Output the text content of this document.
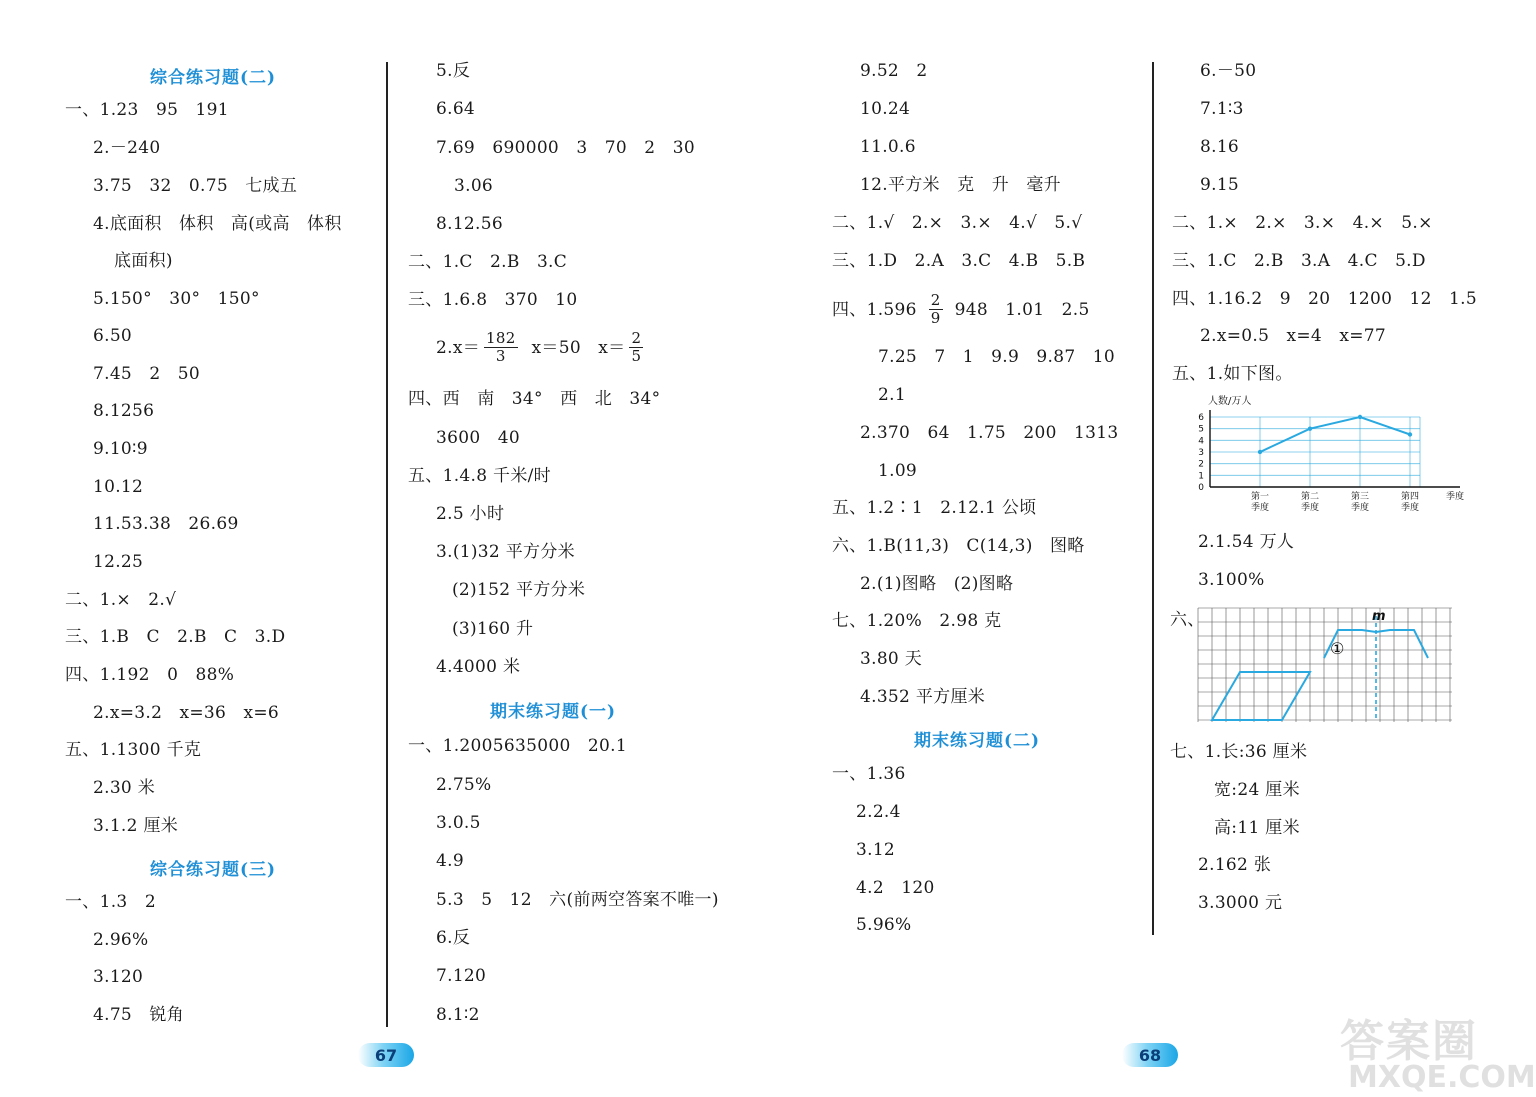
综合练习题(二)
一、1.23　95　191
2.－240
3.75　32　0.75　七成五
4.底面积　体积　高(或高　体积
底面积)
5.150°　30°　150°
6.50
7.45　2　50
8.1256
9.10∶9
10.12
11.53.38　26.69
12.25
二、1.×　2.√
三、1.B　C　2.B　C　3.D
四、1.192　0　88%
2.x=3.2　x=36　x=6
五、1.1300 千克
2.30 米
3.1.2 厘米
综合练习题(三)
一、1.3　2
2.96%
3.120
4.75　锐角
5.反
6.64
7.69　690000　3　70　2　30
3.06
8.12.56
二、1.C　2.B　3.C
三、1.6.8　370　10
$2.x= \frac{182}{3} x=50$　$x= \frac{2}{5}$
四、西　南　34°　西　北　34°
3600　40
五、1.4.8 千米/时
2.5 小时
3.(1)32 平方分米
(2)152 平方分米
(3)160 升
4.4000 米
期末练习题(一)
一、1.2005635000　20.1
2.75%
3.0.5
4.9
5.3　5　12　六(前两空答案不唯一)
6.反
7.120
8.1∶2
9.52　2
10.24
11.0.6
12.平方米　克　升　毫升
二、1.√　2.×　3.×　4.√　5.√
三、1.D　2.A　3.C　4.B　5.B
四、$1.596 \frac{2}{9} 948$　1.01　2.5
7.25　7　1　9.9　9.87　10
2.1
2.370　64　1.75　200　1313
1.09
五、1.2∶1　2.12.1 公顷
六、1.B(11,3)　C(14,3)　图略
2.(1)图略　(2)图略
七、1.20%　2.98 克
3.80 天
4.352 平方厘米
期末练习题(二)
一、1.36
2.2.4
3.12
4.2　120
5.96%
6.－50
7.1∶3
8.16
9.15
二、1.×　2.×　3.×　4.×　5.×
三、1.C　2.B　3.A　4.C　5.D
四、1.16.2　9　20　1200　12　1.5
2.x=0.5　x=4　x=77
五、1.如下图。
0
1
2
3
4
5
6
人数/万人
第一
季度
第二
季度
第三
季度
第四
季度
季度
2.1.54 万人
3.100%
六、	m
①
七、1.长:36 厘米
宽:24 厘米
高:11 厘米
2.162 张
3.3000 元
67	68	答案圈
MXQE.COM
